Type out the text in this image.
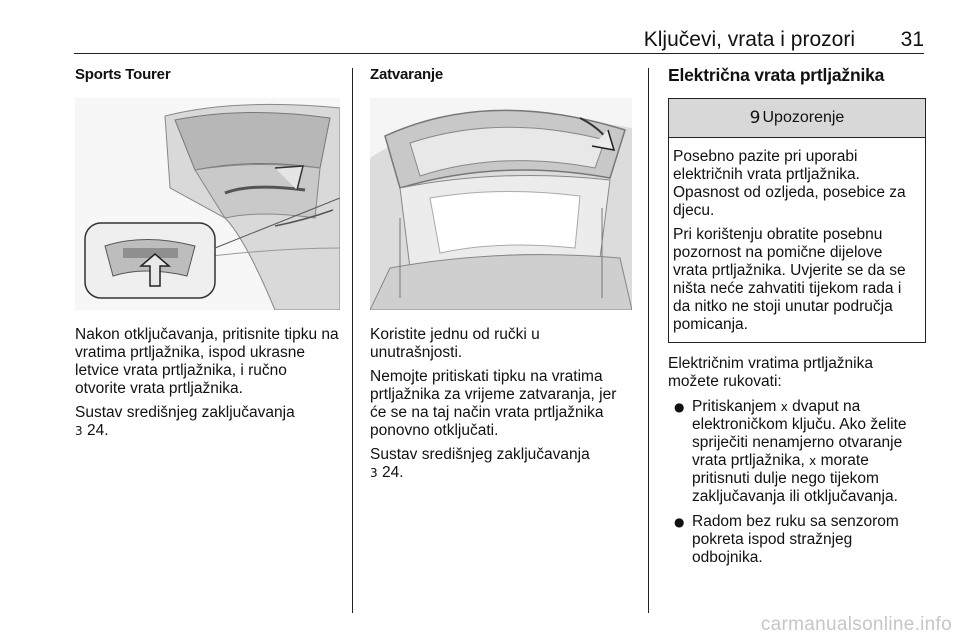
Ključevi, vrata i prozori 31
Sports Tourer

Nakon otključavanja, pritisnite tipku na vratima prtljažnika, ispod ukrasne letvice vrata prtljažnika, i ručno otvorite vrata prtljažnika.

Sustav središnjeg zaključavanja

3 24.

Zatvaranje

Koristite jednu od ručki u unutrašnjosti.

Nemojte pritiskati tipku na vratima prtljažnika za vrijeme zatvaranja, jer će se na taj način vrata prtljažnika ponovno otključati.

Sustav središnjeg zaključavanja

3 24.

Električna vrata prtljažnika
9 Upozorenje

Posebno pazite pri uporabi električnih vrata prtljažnika. Opasnost od ozljeda, posebice za djecu.

Pri korištenju obratite posebnu pozornost na pomične dijelove vrata prtljažnika. Uvjerite se da se ništa neće zahvatiti tijekom rada i da nitko ne stoji unutar područja pomicanja.

Električnim vratima prtljažnika možete rukovati:

● Pritiskanjem x dvaput na elektroničkom ključu. Ako želite spriječiti nenamjerno otvaranje vrata prtljažnika, x morate pritisnuti dulje nego tijekom zaključavanja ili otključavanja.
● Radom bez ruku sa senzorom pokreta ispod stražnjeg odbojnika.
carmanualsonline.info
